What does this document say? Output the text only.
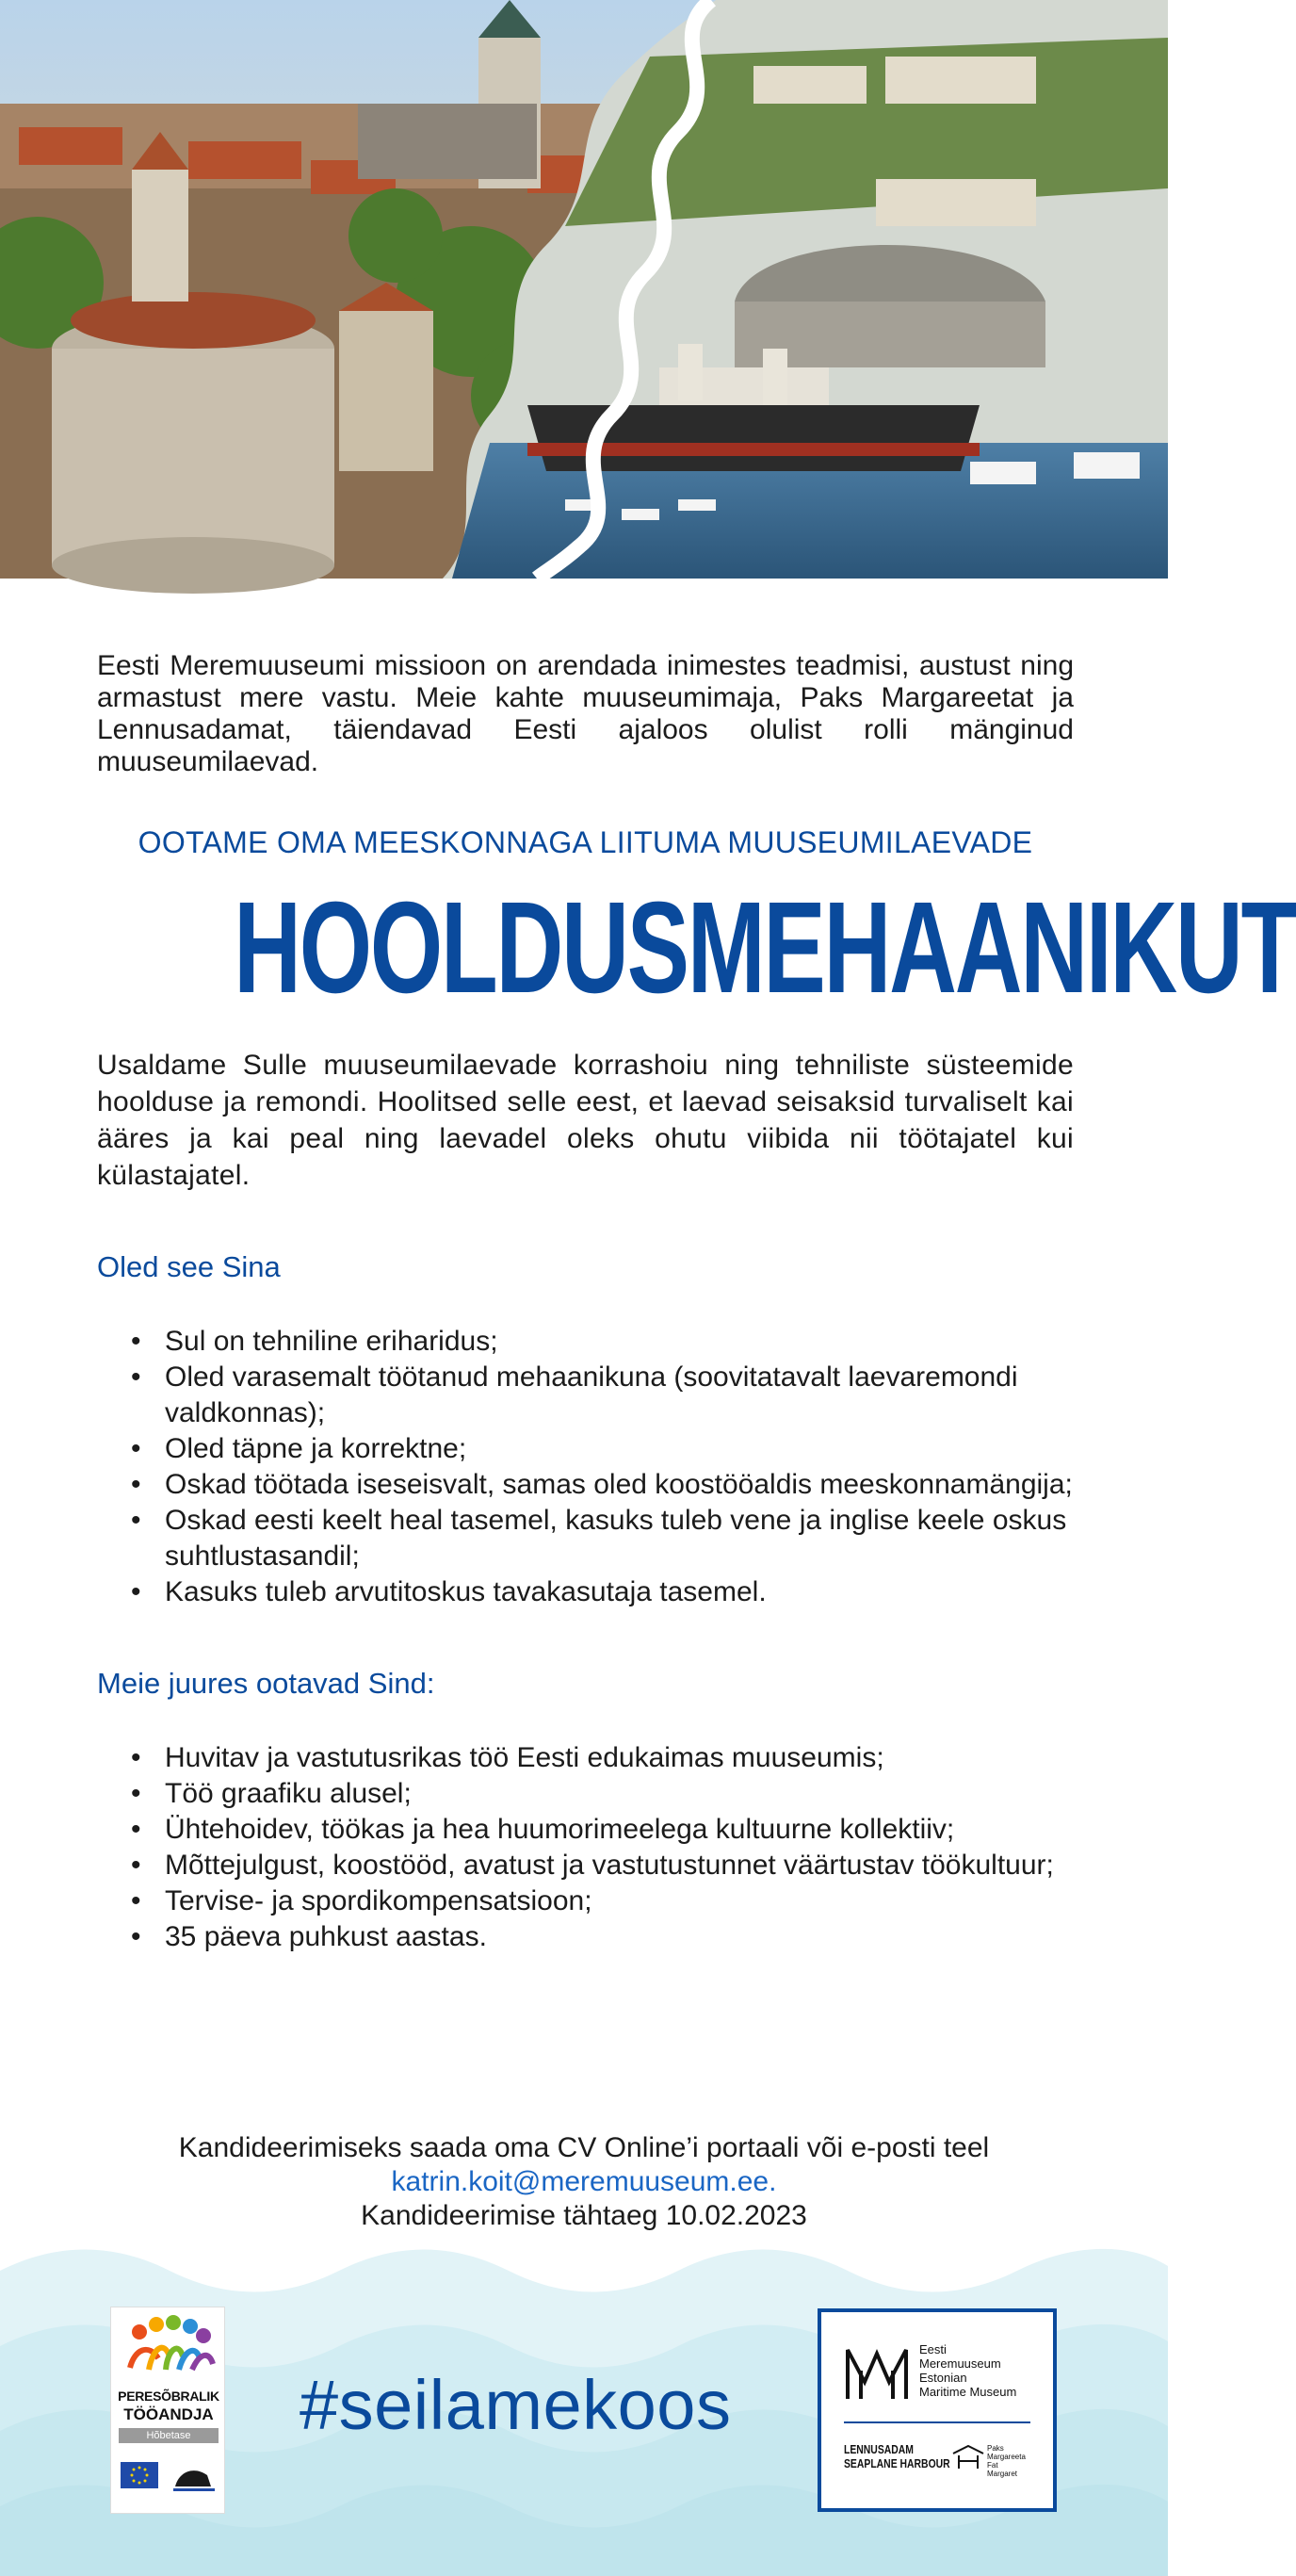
Eesti Meremuuseumi missioon on arendada inimestes teadmisi, austust ning armastust mere vastu. Meie kahte muuseumimaja, Paks Margareetat ja Lennusadamat, täiendavad Eesti ajaloos olulist rolli mänginud muuseumilaevad.

OOTAME OMA MEESKONNAGA LIITUMA MUUSEUMILAEVADE
HOOLDUSMEHAANIKUT

Usaldame Sulle muuseumilaevade korrashoiu ning tehniliste süsteemide hoolduse ja remondi. Hoolitsed selle eest, et laevad seisaksid turvaliselt kai ääres ja kai peal ning laevadel oleks ohutu viibida nii töötajatel kui külastajatel.

Oled see Sina
• Sul on tehniline eriharidus;
• Oled varasemalt töötanud mehaanikuna (soovitatavalt laevaremondi valdkonnas);
• Oled täpne ja korrektne;
• Oskad töötada iseseisvalt, samas oled koostööaldis meeskonnamängija;
• Oskad eesti keelt heal tasemel, kasuks tuleb vene ja inglise keele oskus suhtlustasandil;
• Kasuks tuleb arvutitoskus tavakasutaja tasemel.
Meie juures ootavad Sind:
• Huvitav ja vastutusrikas töö Eesti edukaimas muuseumis;
• Töö graafiku alusel;
• Ühtehoidev, töökas ja hea huumorimeelega kultuurne kollektiiv;
• Mõttejulgust, koostööd, avatust ja vastutustunnet väärtustav töökultuur;
• Tervise- ja spordikompensatsioon;
• 35 päeva puhkust aastas.
Kandideerimiseks saada oma CV Online’i portaali või e-posti teel
katrin.koit@meremuuseum.ee.
Kandideerimise tähtaeg 10.02.2023
PERESÕBRALIK
TÖÖANDJA
Hõbetase	#seilamekoos
Eesti
Meremuuseum
Estonian
Maritime Museum
LENNUSADAM
SEAPLANE HARBOUR
Paks
Margareeta
Fat
Margaret
